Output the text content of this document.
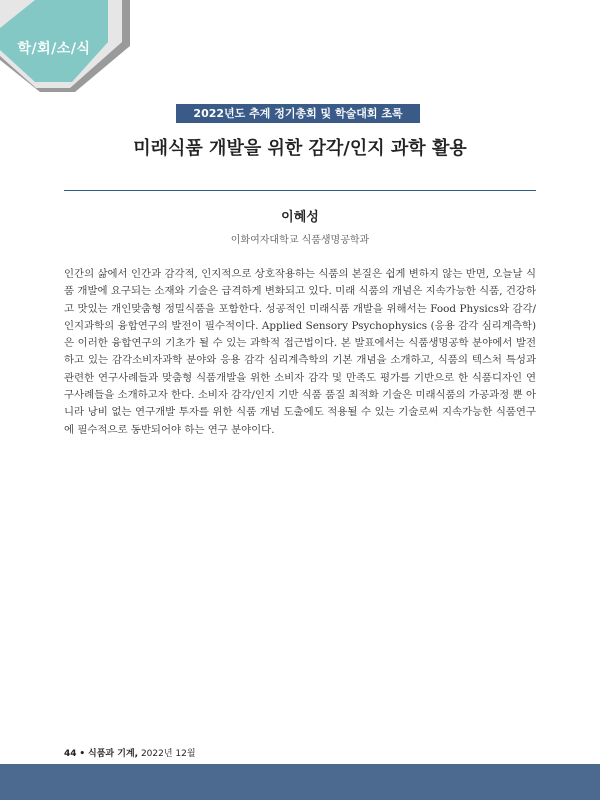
학/회/소/식
2022년도 추계 정기총회 및 학술대회 초록
미래식품 개발을 위한 감각/인지 과학 활용
이혜성
이화여자대학교 식품생명공학과

인간의 삶에서 인간과 감각적, 인지적으로 상호작용하는 식품의 본질은 쉽게 변하지 않는 반면, 오늘날 식품 개발에 요구되는 소재와 기술은 급격하게 변화되고 있다. 미래 식품의 개념은 지속가능한 식품, 건강하고 맛있는 개인맞춤형 정밀식품을 포함한다. 성공적인 미래식품 개발을 위해서는 Food Physics와 감각/인지과학의 융합연구의 발전이 필수적이다. Applied Sensory Psychophysics (응용 감각 심리계측학)은 이러한 융합연구의 기초가 될 수 있는 과학적 접근법이다. 본 발표에서는 식품생명공학 분야에서 발전하고 있는 감각소비자과학 분야와 응용 감각 심리계측학의 기본 개념을 소개하고, 식품의 텍스처 특성과 관련한 연구사례들과 맞춤형 식품개발을 위한 소비자 감각 및 만족도 평가를 기반으로 한 식품디자인 연구사례들을 소개하고자 한다. 소비자 감각/인지 기반 식품 품질 최적화 기술은 미래식품의 가공과정 뿐 아니라 낭비 없는 연구개발 투자를 위한 식품 개념 도출에도 적용될 수 있는 기술로써 지속가능한 식품연구에 필수적으로 동반되어야 하는 연구 분야이다.

44 • 식품과 기계, 2022년 12월
